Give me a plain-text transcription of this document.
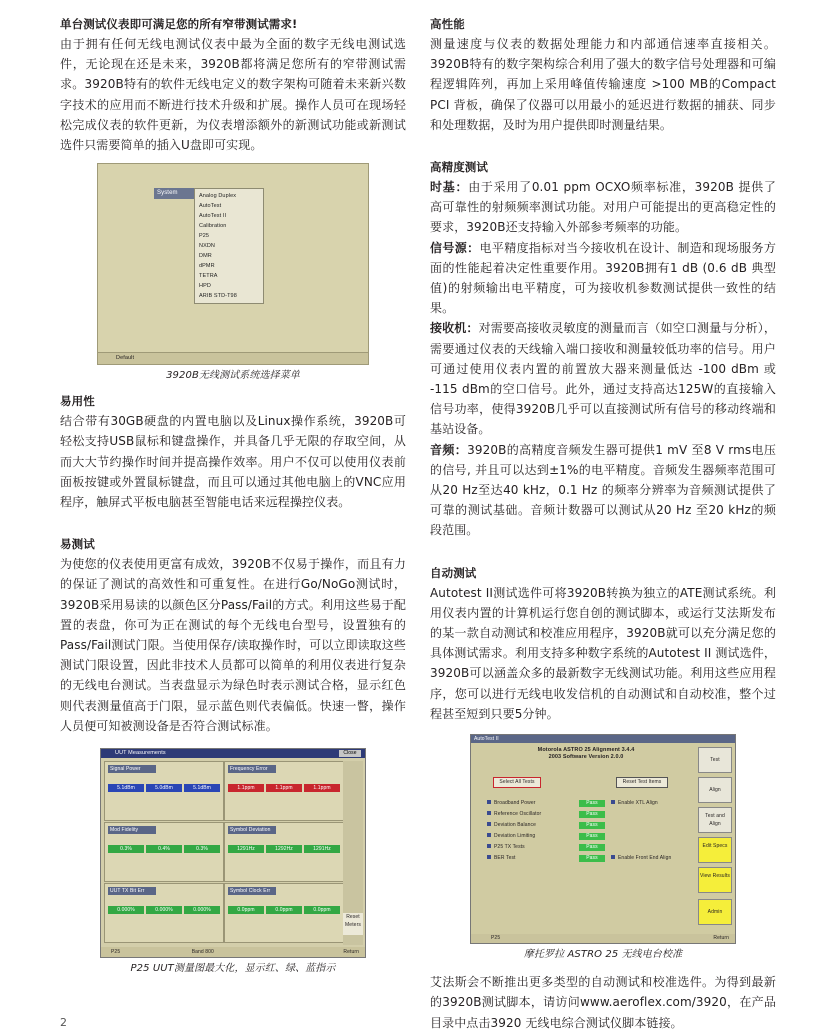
单台测试仪表即可满足您的所有窄带测试需求!

由于拥有任何无线电测试仪表中最为全面的数字无线电测试选件，无论现在还是未来，3920B都将满足您所有的窄带测试需求。3920B特有的软件无线电定义的数字架构可随着未来新兴数字技术的应用而不断进行技术升级和扩展。操作人员可在现场轻松完成仪表的软件更新，为仪表增添额外的新测试功能或新测试选件只需要简单的插入U盘即可实现。

System	Analog Duplex
AutoTest
AutoTest II
Calibration
P25
NXDN
DMR
dPMR
TETRA
HPD
ARIB STD-T98
Default
3920B无线测试系统选择菜单

易用性

结合带有30GB硬盘的内置电脑以及Linux操作系统，3920B可轻松支持USB鼠标和键盘操作，并具备几乎无限的存取空间，从而大大节约操作时间并提高操作效率。用户不仅可以使用仪表前面板按键或外置鼠标键盘，而且可以通过其他电脑上的VNC应用程序，触屏式平板电脑甚至智能电话来远程操控仪表。

易测试

为使您的仪表使用更富有成效，3920B不仅易于操作，而且有力的保证了测试的高效性和可重复性。在进行Go/NoGo测试时，3920B采用易读的以颜色区分Pass/Fail的方式。利用这些易于配置的表盘，你可为正在测试的每个无线电台型号，设置独有的Pass/Fail测试门限。当使用保存/读取操作时，可以立即读取这些测试门限设置，因此非技术人员都可以简单的利用仪表进行复杂的无线电台测试。当表盘显示为绿色时表示测试合格，显示红色则代表测量值高于门限，显示蓝色则代表偏低。快速一瞥，操作人员便可知被测设备是否符合测试标准。

UUT Measurements	Close
Signal Power
5.1dBm	5.0dBm	5.1dBm
Frequency Error
1.1ppm	1.1ppm	1.1ppm
Mod Fidelity
0.3%	0.4%	0.3%
Symbol Deviation
1291Hz	1292Hz	1291Hz
UUT TX Bit Err
0.000%	0.000%	0.000%
Symbol Clock Err
0.0ppm	0.0ppm	0.0ppm
Reset Meters
P25	Band 800	Return
P25 UUT测量图最大化，显示红、绿、蓝指示

高性能

测量速度与仪表的数据处理能力和内部通信速率直接相关。3920B特有的数字架构综合利用了强大的数字信号处理器和可编程逻辑阵列，再加上采用峰值传输速度 >100 MB的Compact PCI 背板，确保了仪器可以用最小的延迟进行数据的捕获、同步和处理数据，及时为用户提供即时测量结果。

高精度测试

时基：由于采用了0.01 ppm OCXO频率标准，3920B 提供了高可靠性的射频频率测试功能。对用户可能提出的更高稳定性的要求，3920B还支持输入外部参考频率的功能。

信号源：电平精度指标对当今接收机在设计、制造和现场服务方面的性能起着决定性重要作用。3920B拥有1 dB (0.6 dB 典型值)的射频输出电平精度，可为接收机参数测试提供一致性的结果。

接收机：对需要高接收灵敏度的测量而言（如空口测量与分析），需要通过仪表的天线输入端口接收和测量较低功率的信号。用户可通过使用仪表内置的前置放大器来测量低达 -100 dBm 或 -115 dBm的空口信号。此外，通过支持高达125W的直接输入信号功率，使得3920B几乎可以直接测试所有信号的移动终端和基站设备。

音频：3920B的高精度音频发生器可提供1 mV 至8 V rms电压的信号, 并且可以达到±1%的电平精度。音频发生器频率范围可从20 Hz至达40 kHz，0.1 Hz 的频率分辨率为音频测试提供了可靠的测试基础。音频计数器可以测试从20 Hz 至20 kHz的频段范围。

自动测试

Autotest II测试选件可将3920B转换为独立的ATE测试系统。利用仪表内置的计算机运行您自创的测试脚本，或运行艾法斯发布的某一款自动测试和校准应用程序，3920B就可以充分满足您的具体测试需求。利用支持多种数字系统的Autotest II 测试选件，3920B可以涵盖众多的最新数字无线测试功能。利用这些应用程序，您可以进行无线电收发信机的自动测试和自动校准，整个过程甚至短到只要5分钟。

AutoTest II
Motorola ASTRO 25 Alignment 3.4.4
2003 Software Version 2.0.0
Select All Tests	Reset Test Items
Broadband Power
Reference Oscillator
Deviation Balance
Deviation Limiting
P25 TX Tests
BER Test
Pass
Pass
Pass
Pass
Pass
Pass
Enable XTL Align
Enable Front End Align
Test
Align
Test and Align
Edit Specs
View Results
Admin
P25	Return
摩托罗拉 ASTRO 25 无线电台校准

艾法斯会不断推出更多类型的自动测试和校准选件。为得到最新的3920B测试脚本，请访问www.aeroflex.com/3920，在产品目录中点击3920 无线电综合测试仪脚本链接。

2
